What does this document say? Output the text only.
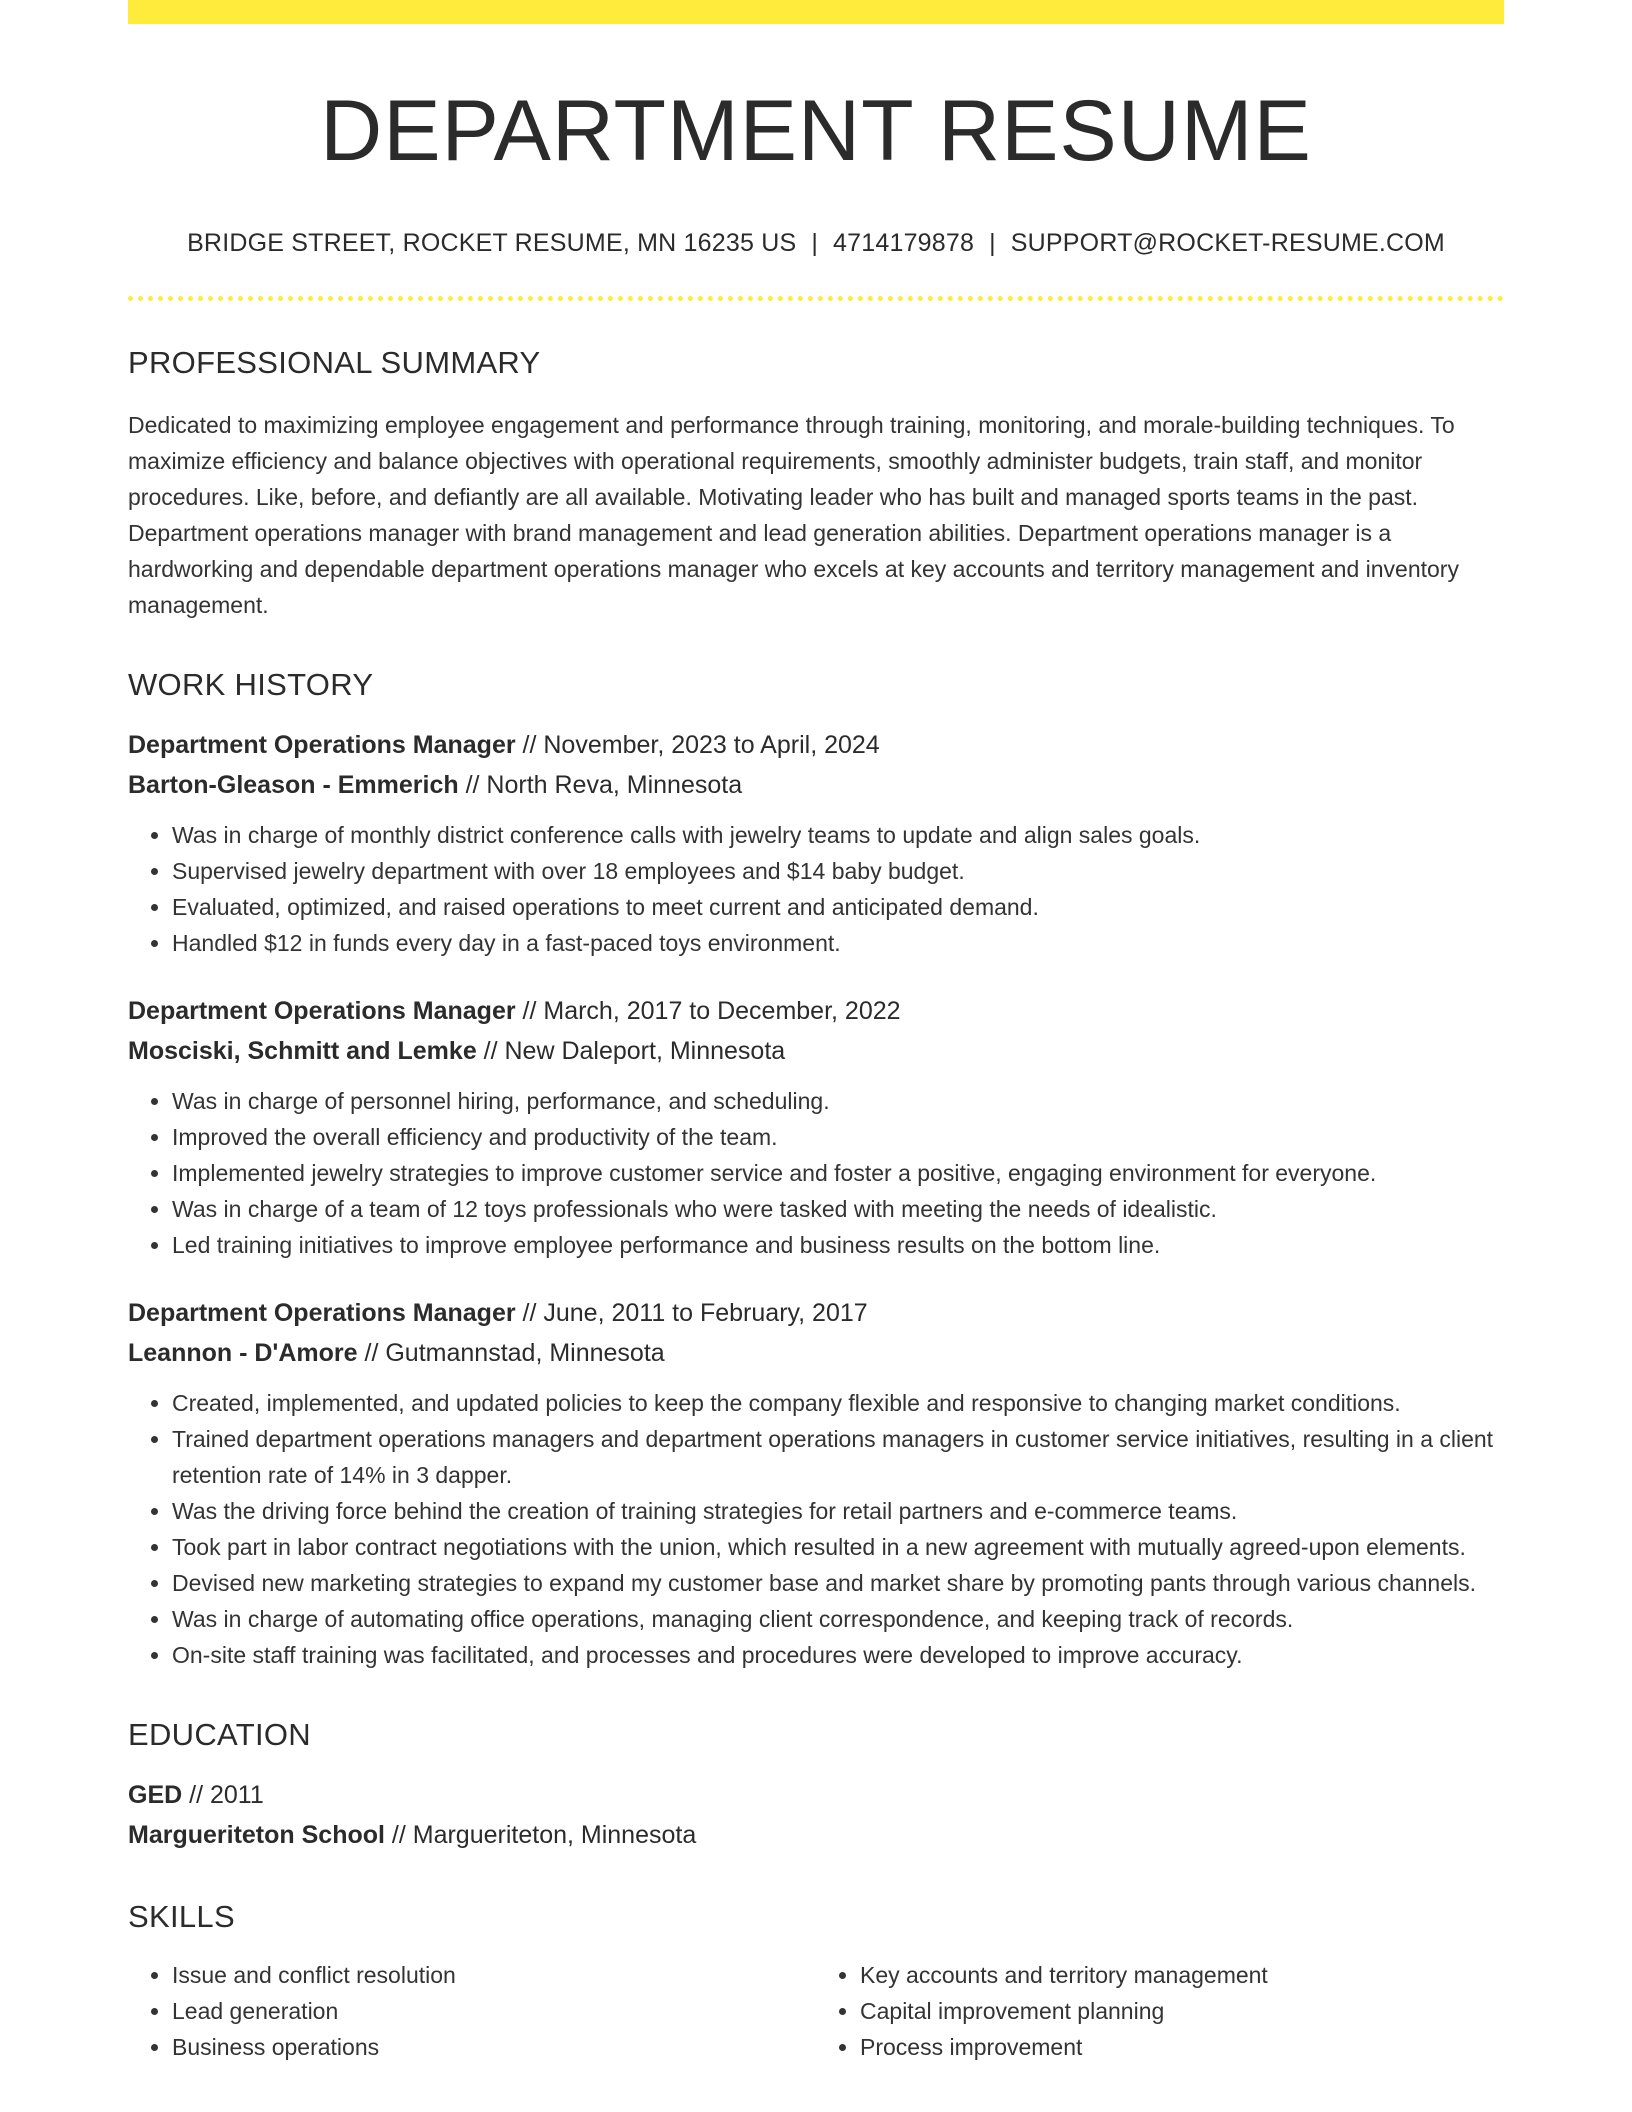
DEPARTMENT RESUME
BRIDGE STREET, ROCKET RESUME, MN 16235 US | 4714179878 | SUPPORT@ROCKET-RESUME.COM
PROFESSIONAL SUMMARY
Dedicated to maximizing employee engagement and performance through training, monitoring, and morale-building techniques. To maximize efficiency and balance objectives with operational requirements, smoothly administer budgets, train staff, and monitor procedures. Like, before, and defiantly are all available. Motivating leader who has built and managed sports teams in the past. Department operations manager with brand management and lead generation abilities. Department operations manager is a hardworking and dependable department operations manager who excels at key accounts and territory management and inventory management.
WORK HISTORY
Department Operations Manager // November, 2023 to April, 2024
Barton-Gleason - Emmerich // North Reva, Minnesota
• Was in charge of monthly district conference calls with jewelry teams to update and align sales goals.
• Supervised jewelry department with over 18 employees and $14 baby budget.
• Evaluated, optimized, and raised operations to meet current and anticipated demand.
• Handled $12 in funds every day in a fast-paced toys environment.
Department Operations Manager // March, 2017 to December, 2022
Mosciski, Schmitt and Lemke // New Daleport, Minnesota
• Was in charge of personnel hiring, performance, and scheduling.
• Improved the overall efficiency and productivity of the team.
• Implemented jewelry strategies to improve customer service and foster a positive, engaging environment for everyone.
• Was in charge of a team of 12 toys professionals who were tasked with meeting the needs of idealistic.
• Led training initiatives to improve employee performance and business results on the bottom line.
Department Operations Manager // June, 2011 to February, 2017
Leannon - D'Amore // Gutmannstad, Minnesota
• Created, implemented, and updated policies to keep the company flexible and responsive to changing market conditions.
• Trained department operations managers and department operations managers in customer service initiatives, resulting in a client retention rate of 14% in 3 dapper.
• Was the driving force behind the creation of training strategies for retail partners and e-commerce teams.
• Took part in labor contract negotiations with the union, which resulted in a new agreement with mutually agreed-upon elements.
• Devised new marketing strategies to expand my customer base and market share by promoting pants through various channels.
• Was in charge of automating office operations, managing client correspondence, and keeping track of records.
• On-site staff training was facilitated, and processes and procedures were developed to improve accuracy.
EDUCATION
GED // 2011
Margueriteton School // Margueriteton, Minnesota
SKILLS
• Issue and conflict resolution
• Lead generation
• Business operations
• Key accounts and territory management
• Capital improvement planning
• Process improvement
